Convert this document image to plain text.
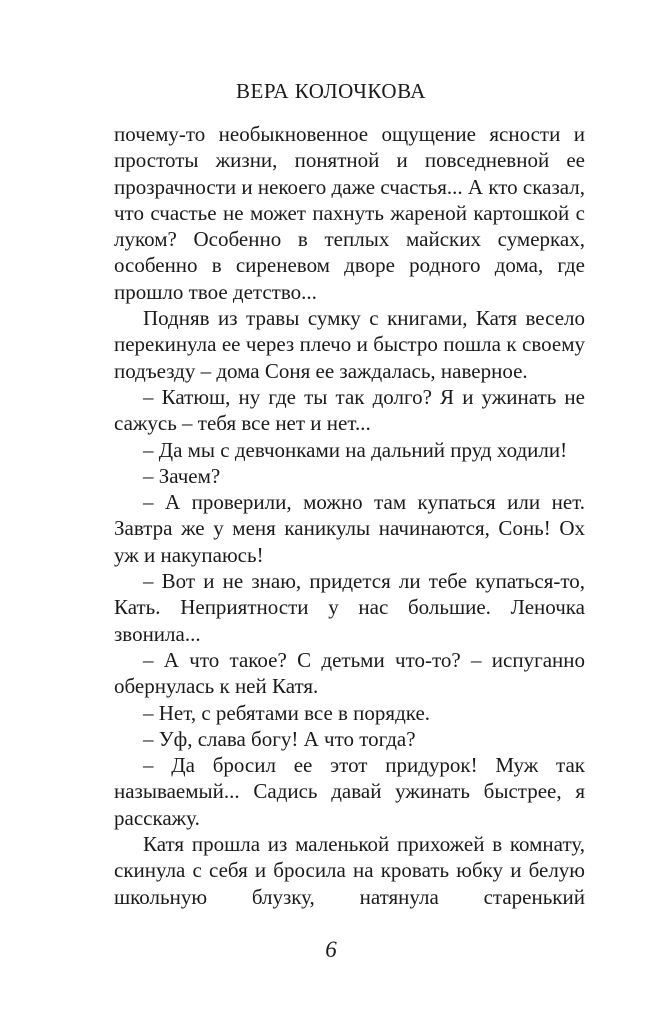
ВЕРА КОЛОЧКОВА

почему-то необыкновенное ощущение ясности и простоты жизни, понятной и повседневной ее прозрачности и некоего даже счастья... А кто сказал, что счастье не может пахнуть жареной картошкой с луком? Особенно в теплых майских сумерках, особенно в сиреневом дворе родного дома, где прошло твое детство...

Подняв из травы сумку с книгами, Катя весело перекинула ее через плечо и быстро пошла к своему подъезду – дома Соня ее заждалась, наверное.

– Катюш, ну где ты так долго? Я и ужинать не сажусь – тебя все нет и нет...

– Да мы с девчонками на дальний пруд ходили!

– Зачем?

– А проверили, можно там купаться или нет. Завтра же у меня каникулы начинаются, Сонь! Ох уж и накупаюсь!

– Вот и не знаю, придется ли тебе купаться-то, Кать. Неприятности у нас большие. Леночка звонила...

– А что такое? С детьми что-то? – испуганно обернулась к ней Катя.

– Нет, с ребятами все в порядке.

– Уф, слава богу! А что тогда?

– Да бросил ее этот придурок! Муж так называемый... Садись давай ужинать быстрее, я расскажу.

Катя прошла из маленькой прихожей в комнату, скинула с себя и бросила на кровать юбку и белую школьную блузку, натянула старенький

6
